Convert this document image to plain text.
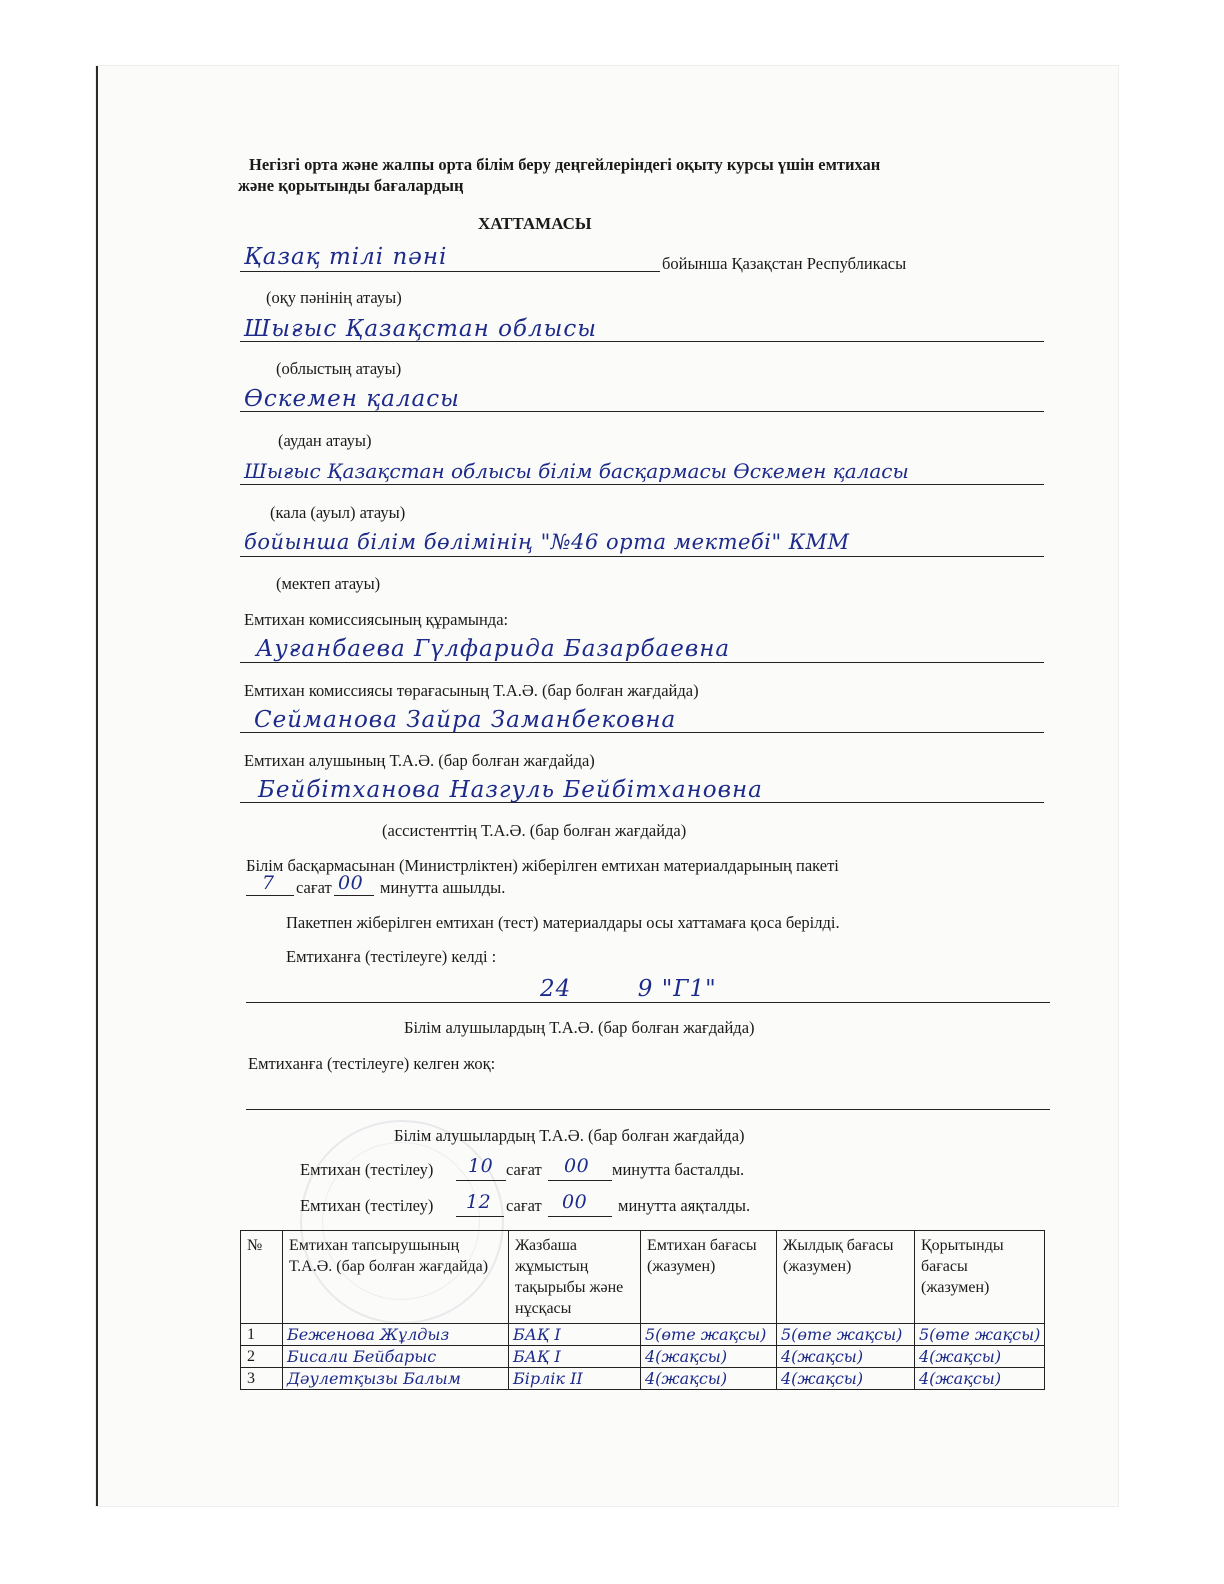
Негізгі орта және жалпы орта білім беру деңгейлеріндегі оқыту курсы үшін емтихан
және қорытынды бағалардың
ХАТТАМАСЫ
Қазақ тілі пәні	бойынша Қазақстан Республикасы
(оқу пәнінің атауы)
Шығыс Қазақстан облысы
(облыстың атауы)
Өскемен қаласы
(аудан атауы)
Шығыс Қазақстан облысы білім басқармасы Өскемен қаласы
(кала (ауыл) атауы)
бойынша білім бөлімінің "№46 орта мектебі" КММ
(мектеп атауы)
Емтихан комиссиясының құрамында:
Ауғанбаева Гүлфарида Базарбаевна
Емтихан комиссиясы төрағасының Т.А.Ә. (бар болған жағдайда)
Сейманова Зайра Заманбековна
Емтихан алушының Т.А.Ә. (бар болған жағдайда)
Бейбітханова Назгуль Бейбітхановна
(ассистенттің Т.А.Ә. (бар болған жағдайда)
Білім басқармасынан (Министрліктен) жіберілген емтихан материалдарының пакеті
7 сағат 00 минутта ашылды.
Пакетпен жіберілген емтихан (тест) материалдары осы хаттамаға қоса берілді.
Емтиханға (тестілеуге) келді :
24        9 "Г1"
Білім алушылардың Т.А.Ә. (бар болған жағдайда)
Емтиханға (тестілеуге) келген жоқ:
Білім алушылардың Т.А.Ә. (бар болған жағдайда)
Емтихан (тестілеу) 10 сағат 00 минутта басталды.
Емтихан (тестілеу) 12 сағат 00 минутта аяқталды.
№	Емтихан тапсырушының Т.А.Ә. (бар болған жағдайда)	Жазбаша жұмыстың тақырыбы және нұсқасы	Емтихан бағасы (жазумен)	Жылдық бағасы (жазумен)	Қорытынды бағасы (жазумен)
1	Беженова Жұлдыз	БАҚ I	5(өте жақсы)	5(өте жақсы)	5(өте жақсы)
2	Бисали Бейбарыс	БАҚ I	4(жақсы)	4(жақсы)	4(жақсы)
3	Дәулетқызы Балым	Бірлік II	4(жақсы)	4(жақсы)	4(жақсы)
